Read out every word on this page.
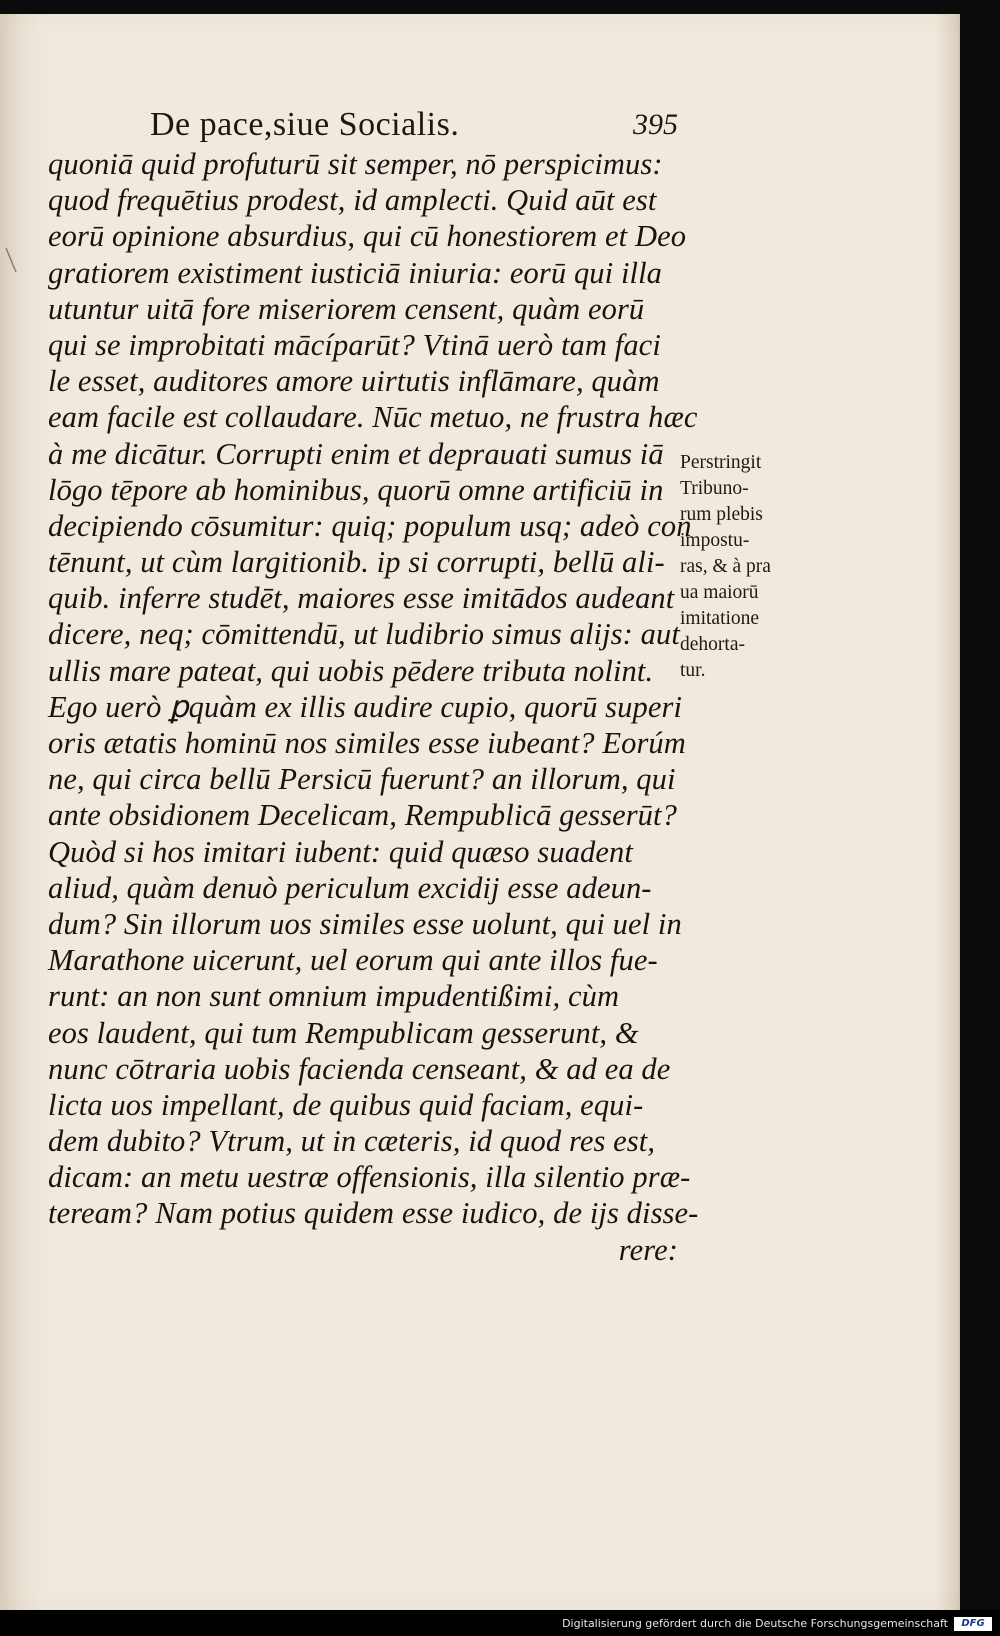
De pace,siue Socialis.	395
quoniā quid profuturū sit semper, nō perspicimus:
quod frequētius prodest, id amplecti. Quid aūt est
eorū opinione absurdius, qui cū honestiorem et Deo
gratiorem existiment iusticiā iniuria: eorū qui illa
utuntur uitā fore miseriorem censent, quàm eorū
qui se improbitati mācíparūt? Vtinā uerò tam faci
le esset, auditores amore uirtutis inflāmare, quàm
eam facile est collaudare. Nūc metuo, ne frustra hæc
à me dicātur. Corrupti enim et deprauati sumus iā
lōgo tēpore ab hominibus, quorū omne artificiū in
decipiendo cōsumitur: quiq; populum usq; adeò con
tēnunt, ut cùm largitionib. ip si corrupti, bellū ali-
quib. inferre studēt, maiores esse imitādos audeant
dicere, neq; cōmittendū, ut ludibrio simus alijs: aut
ullis mare pateat, qui uobis pēdere tributa nolint.
Ego uerò ꝑquàm ex illis audire cupio, quorū superi
oris ætatis hominū nos similes esse iubeant? Eorúm
ne, qui circa bellū Persicū fuerunt? an illorum, qui
ante obsidionem Decelicam, Rempublicā gesserūt?
Quòd si hos imitari iubent: quid quæso suadent
aliud, quàm denuò periculum excidij esse adeun-
dum? Sin illorum uos similes esse uolunt, qui uel in
Marathone uicerunt, uel eorum qui ante illos fue-
runt: an non sunt omnium impudentißimi, cùm
eos laudent, qui tum Rempublicam gesserunt, &
nunc cōtraria uobis facienda censeant, & ad ea de
licta uos impellant, de quibus quid faciam, equi-
dem dubito? Vtrum, ut in cæteris, id quod res est,
dicam: an metu uestræ offensionis, illa silentio præ-
teream? Nam potius quidem esse iudico, de ijs disse-
rere:
Perstringit
Tribuno-
rum plebis
impostu-
ras, & à pra
ua maiorū
imitatione
dehorta-
tur.
Digitalisierung gefördert durch die Deutsche Forschungsgemeinschaft	DFG
